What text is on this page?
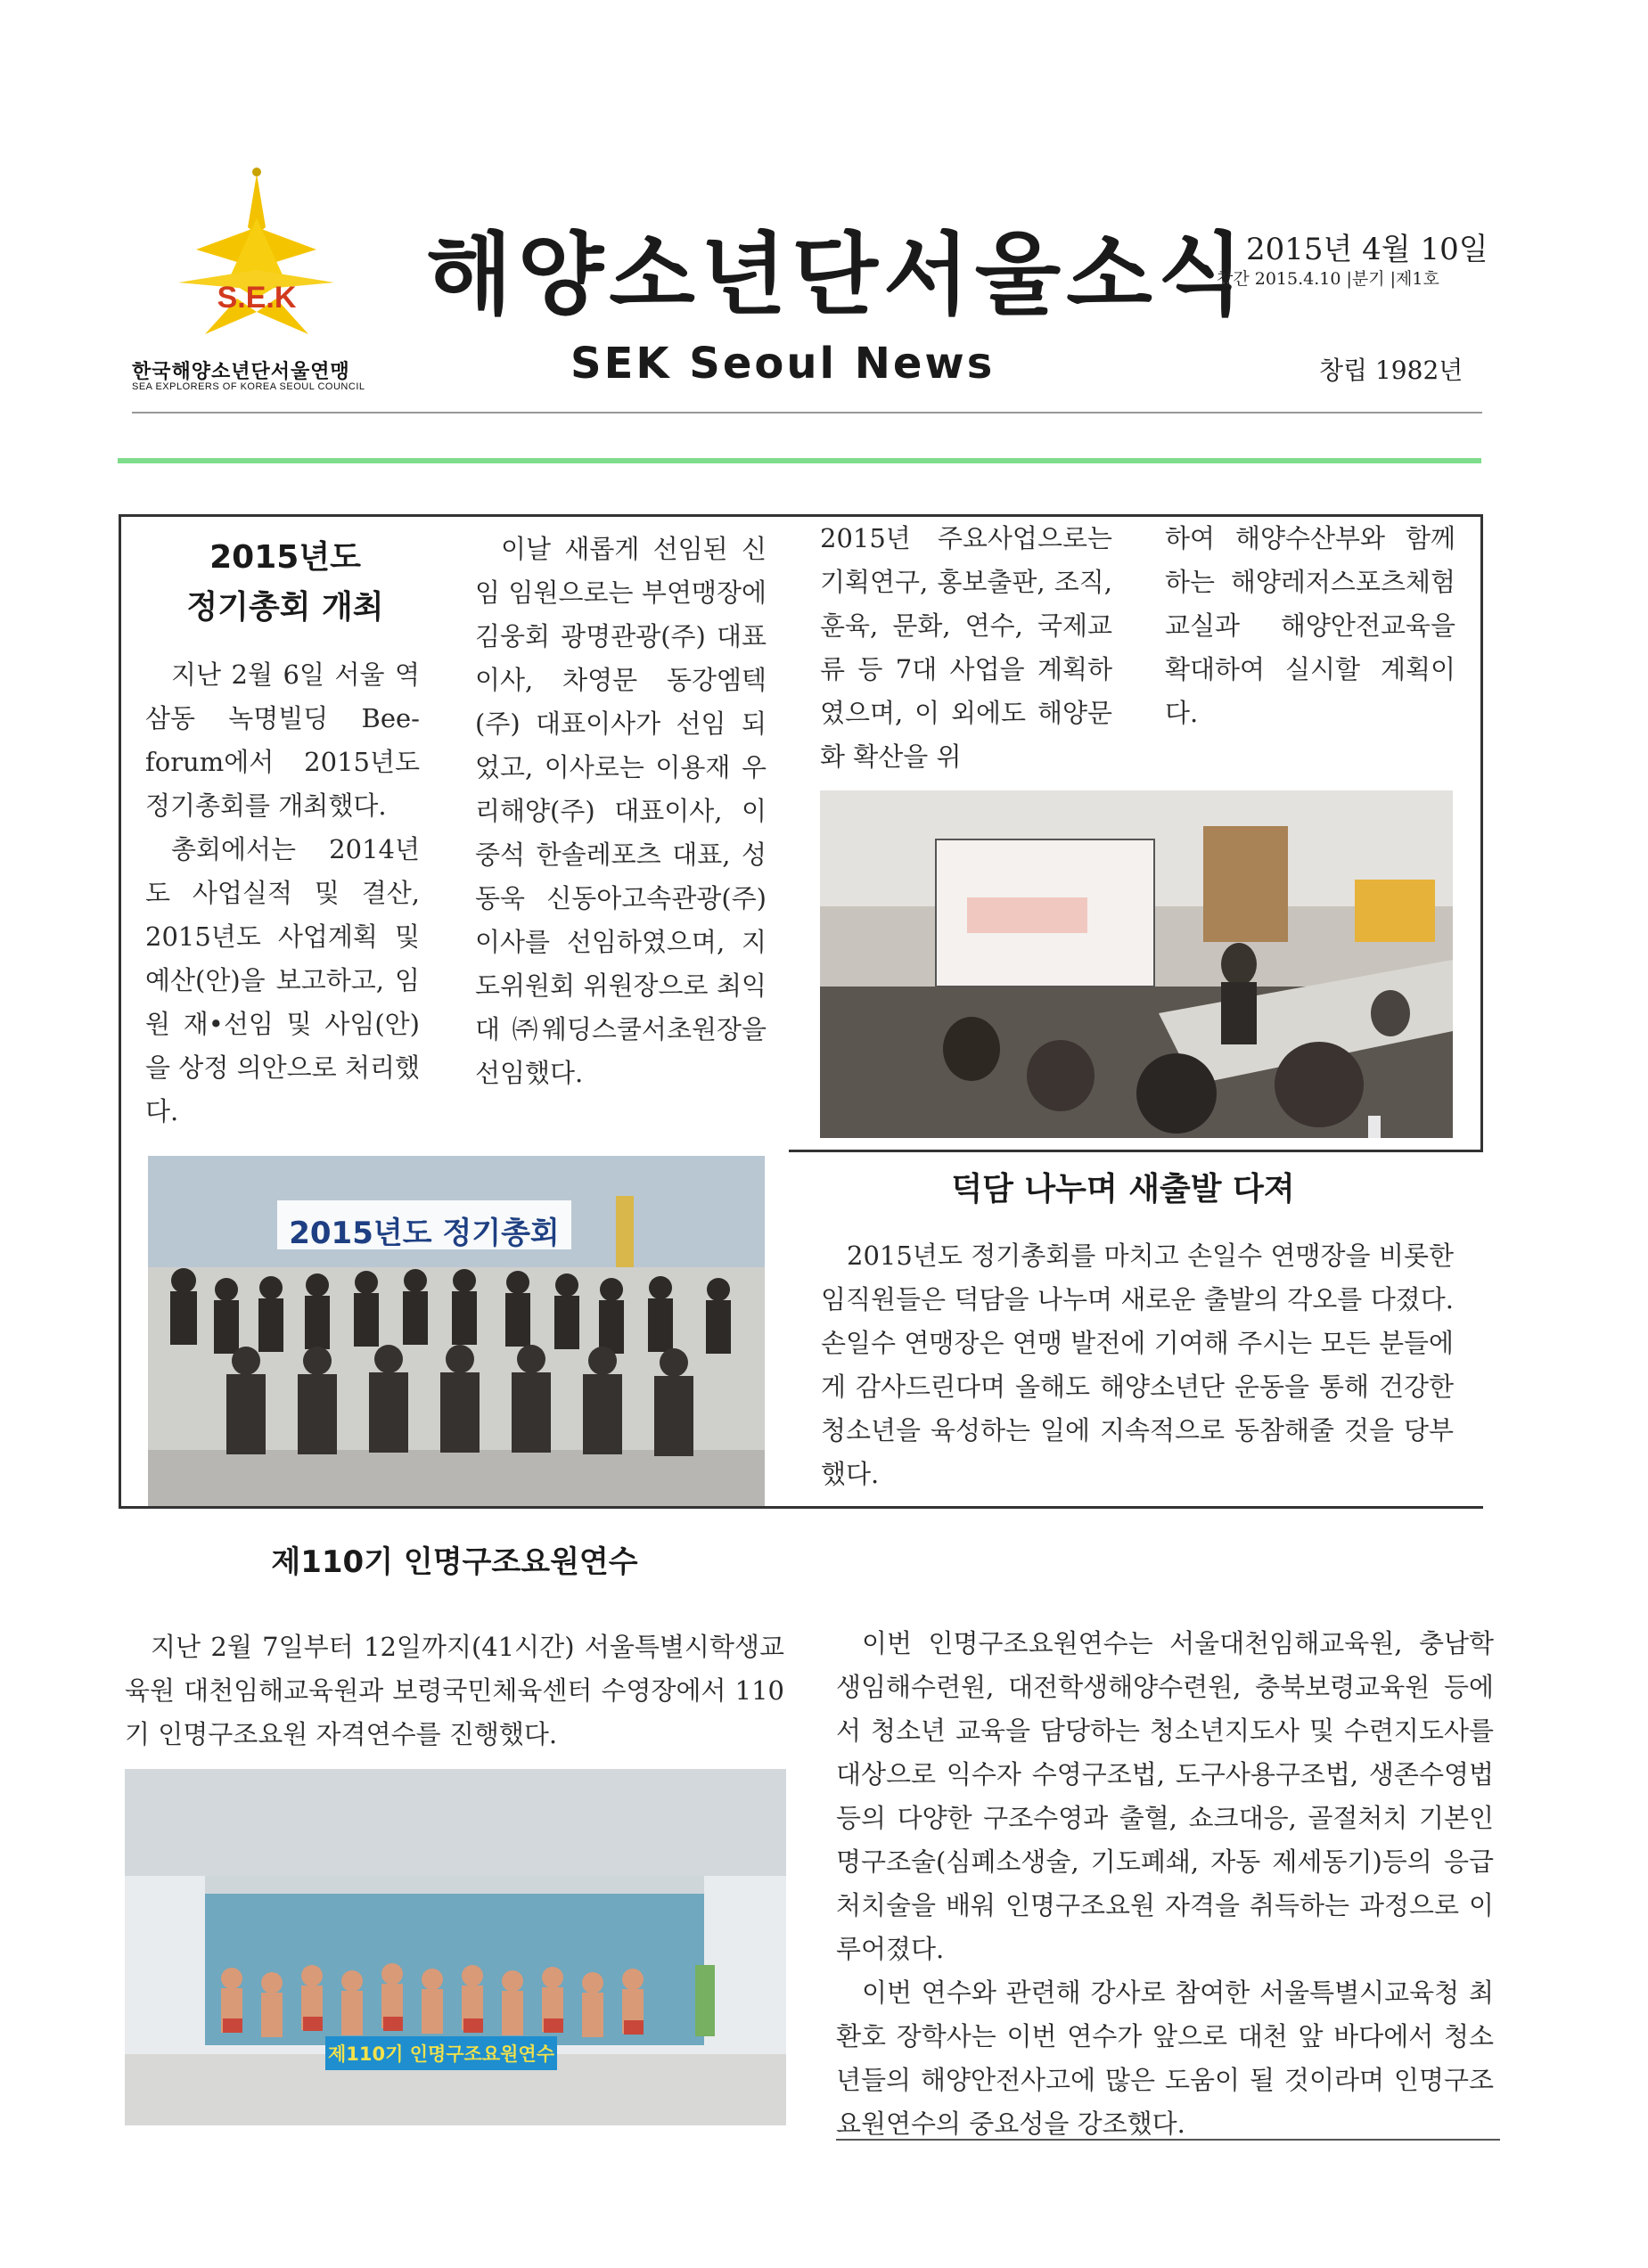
S.E.K
한국해양소년단서울연맹
SEA EXPLORERS OF KOREA SEOUL COUNCIL
해양소년단서울소식
SEK Seoul News
2015년 4월 10일
창간 2015.4.10 |분기 |제1호
창립 1982년
2015년도
정기총회 개최

지난 2월 6일 서울 역삼동 녹명빌딩 Bee-forum에서 2015년도 정기총회를 개최했다.

총회에서는 2014년도 사업실적 및 결산, 2015년도 사업계획 및 예산(안)을 보고하고, 임원 재•선임 및 사임(안)을 상정 의안으로 처리했다.

이날 새롭게 선임된 신임 임원으로는 부연맹장에 김웅회 광명관광(주) 대표이사, 차영문 동강엠텍(주) 대표이사가 선임 되었고, 이사로는 이용재 우리해양(주) 대표이사, 이중석 한솔레포츠 대표, 성동욱 신동아고속관광(주) 이사를 선임하였으며, 지도위원회 위원장으로 최익대 ㈜웨딩스쿨서초원장을 선임했다.

2015년 주요사업으로는 기획연구, 홍보출판, 조직, 훈육, 문화, 연수, 국제교류 등 7대 사업을 계획하였으며, 이 외에도 해양문화 확산을 위

하여 해양수산부와 함께하는 해양레저스포츠체험교실과 해양안전교육을 확대하여 실시할 계획이다.

2015년도 정기총회
덕담 나누며 새출발 다져

2015년도 정기총회를 마치고 손일수 연맹장을 비롯한 임직원들은 덕담을 나누며 새로운 출발의 각오를 다졌다. 손일수 연맹장은 연맹 발전에 기여해 주시는 모든 분들에게 감사드린다며 올해도 해양소년단 운동을 통해 건강한 청소년을 육성하는 일에 지속적으로 동참해줄 것을 당부했다.

제110기 인명구조요원연수

지난 2월 7일부터 12일까지(41시간) 서울특별시학생교육원 대천임해교육원과 보령국민체육센터 수영장에서 110기 인명구조요원 자격연수를 진행했다.

제110기 인명구조요원연수

이번 인명구조요원연수는 서울대천임해교육원, 충남학생임해수련원, 대전학생해양수련원, 충북보령교육원 등에서 청소년 교육을 담당하는 청소년지도사 및 수련지도사를 대상으로 익수자 수영구조법, 도구사용구조법, 생존수영법 등의 다양한 구조수영과 출혈, 쇼크대응, 골절처치 기본인명구조술(심폐소생술, 기도폐쇄, 자동 제세동기)등의 응급처치술을 배워 인명구조요원 자격을 취득하는 과정으로 이루어졌다.

이번 연수와 관련해 강사로 참여한 서울특별시교육청 최환호 장학사는 이번 연수가 앞으로 대천 앞 바다에서 청소년들의 해양안전사고에 많은 도움이 될 것이라며 인명구조요원연수의 중요성을 강조했다.
